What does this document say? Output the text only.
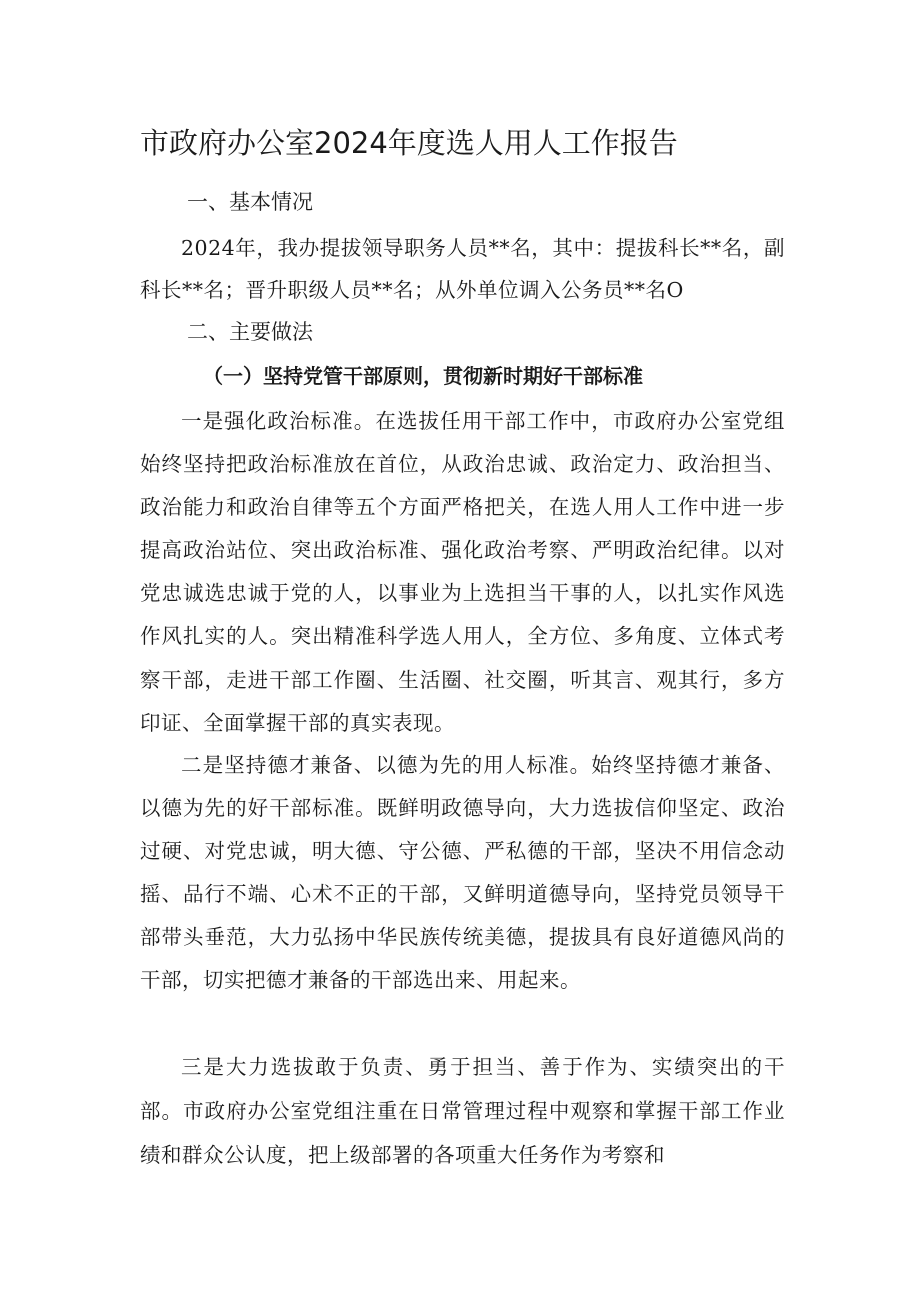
市政府办公室2024年度选人用人工作报告
一、基本情况

2024年，我办提拔领导职务人员**名，其中：提拔科长**名，副科长**名；晋升职级人员**名；从外单位调入公务员**名O

二、主要做法
（一）坚持党管干部原则，贯彻新时期好干部标准

一是强化政治标准。在选拔任用干部工作中，市政府办公室党组始终坚持把政治标准放在首位，从政治忠诚、政治定力、政治担当、政治能力和政治自律等五个方面严格把关，在选人用人工作中进一步提高政治站位、突出政治标准、强化政治考察、严明政治纪律。以对党忠诚选忠诚于党的人，以事业为上选担当干事的人，以扎实作风选作风扎实的人。突出精准科学选人用人，全方位、多角度、立体式考察干部，走进干部工作圈、生活圈、社交圈，听其言、观其行，多方印证、全面掌握干部的真实表现。

二是坚持德才兼备、以德为先的用人标准。始终坚持德才兼备、以德为先的好干部标准。既鲜明政德导向，大力选拔信仰坚定、政治过硬、对党忠诚，明大德、守公德、严私德的干部，坚决不用信念动摇、品行不端、心术不正的干部，又鲜明道德导向，坚持党员领导干部带头垂范，大力弘扬中华民族传统美德，提拔具有良好道德风尚的干部，切实把德才兼备的干部选出来、用起来。

三是大力选拔敢于负责、勇于担当、善于作为、实绩突出的干部。市政府办公室党组注重在日常管理过程中观察和掌握干部工作业绩和群众公认度，把上级部署的各项重大任务作为考察和
